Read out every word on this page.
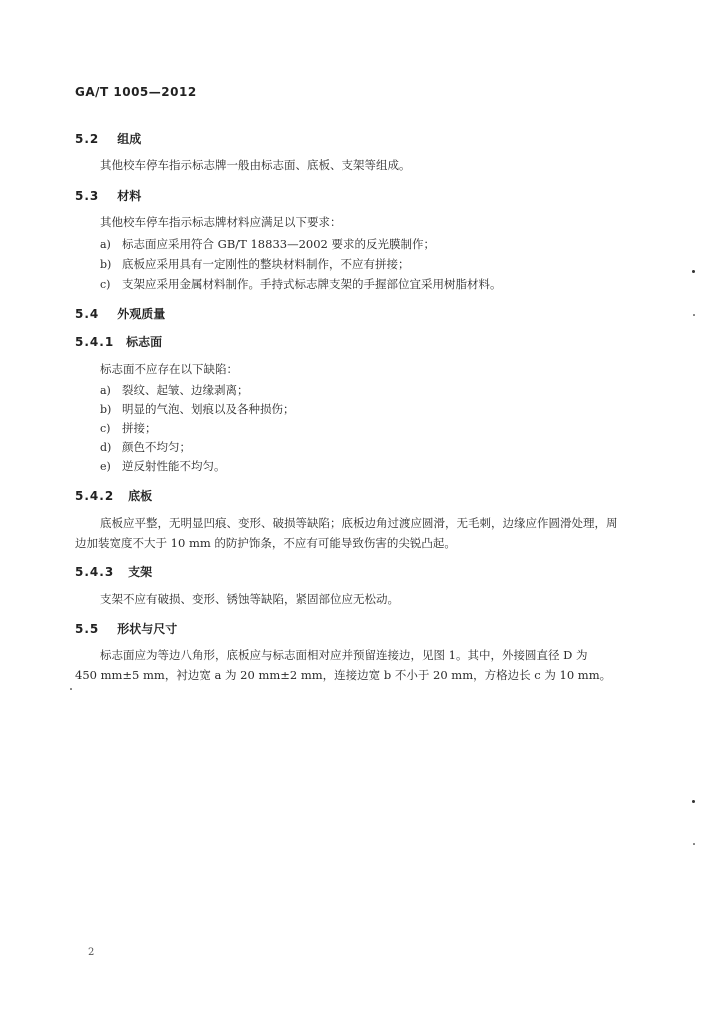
GA/T 1005—2012
5.2 组成
其他校车停车指示标志牌一般由标志面、底板、支架等组成。
5.3 材料
其他校车停车指示标志牌材料应满足以下要求：
a) 标志面应采用符合 GB/T 18833—2002 要求的反光膜制作；
b) 底板应采用具有一定刚性的整块材料制作，不应有拼接；
c) 支架应采用金属材料制作。手持式标志牌支架的手握部位宜采用树脂材料。
5.4 外观质量
5.4.1 标志面
标志面不应存在以下缺陷：
a) 裂纹、起皱、边缘剥离；
b) 明显的气泡、划痕以及各种损伤；
c) 拼接；
d) 颜色不均匀；
e) 逆反射性能不均匀。
5.4.2 底板
底板应平整，无明显凹痕、变形、破损等缺陷；底板边角过渡应圆滑，无毛刺，边缘应作圆滑处理，周
边加装宽度不大于 10 mm 的防护饰条，不应有可能导致伤害的尖锐凸起。
5.4.3 支架
支架不应有破损、变形、锈蚀等缺陷，紧固部位应无松动。
5.5 形状与尺寸
标志面应为等边八角形，底板应与标志面相对应并预留连接边，见图 1。其中，外接圆直径 D 为
450 mm±5 mm，衬边宽 a 为 20 mm±2 mm，连接边宽 b 不小于 20 mm，方格边长 c 为 10 mm。
2
